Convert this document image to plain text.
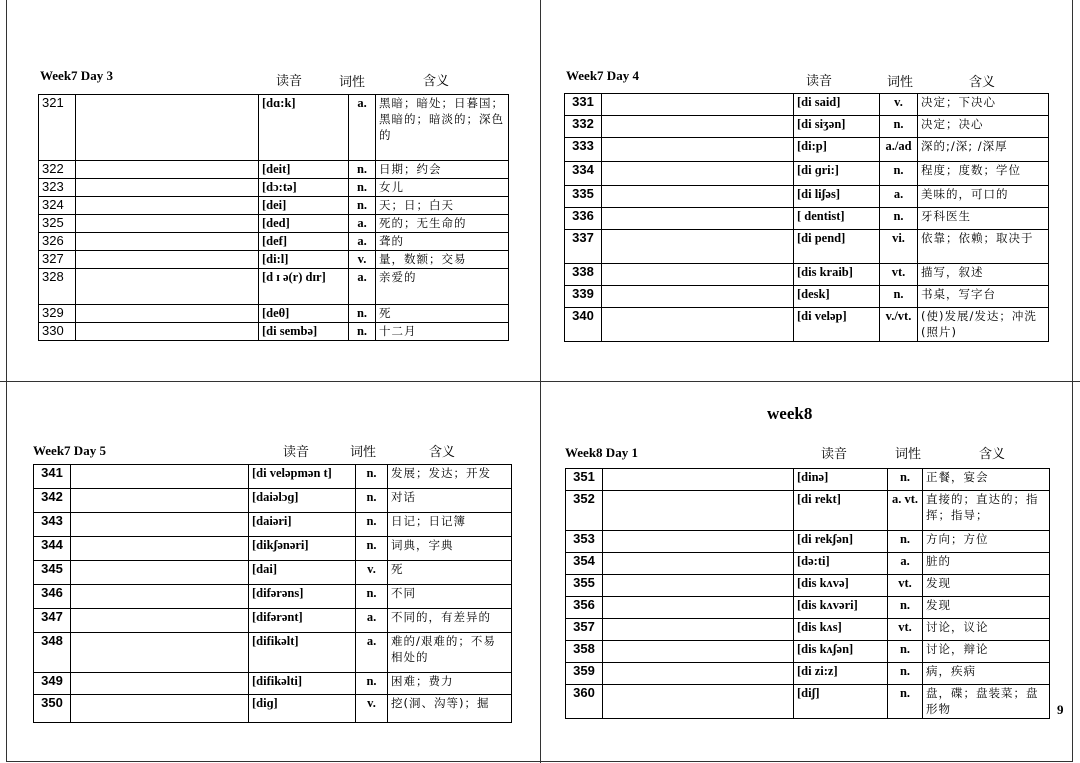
Week7 Day 3	读音	词性	含义
321		[dɑ:k]	a.	黑暗；暗处；日暮国；黑暗的；暗淡的；深色的
322		[deit]	n.	日期；约会
323		[dɔ:tə]	n.	女儿
324		[dei]	n.	天；日；白天
325		[ded]	a.	死的；无生命的
326		[def]	a.	聋的
327		[di:l]	v.	量，数额；交易
328		[d ɪ ə(r) dɪr]	a.	亲爱的
329		[deθ]	n.	死
330		[di sembə]	n.	十二月
Week7 Day 4	读音	词性	含义
331		[di said]	v.	决定；下决心
332		[di siʒən]	n.	决定；决心
333		[di:p]	a./ad	深的;/深; /深厚
334		[di ɡri:]	n.	程度；度数；学位
335		[di liʃəs]	a.	美味的，可口的
336		[ dentist]	n.	牙科医生
337		[di pend]	vi.	依靠；依赖；取决于
338		[dis kraib]	vt.	描写，叙述
339		[desk]	n.	书桌，写字台
340		[di veləp]	v./vt.	(使)发展/发达；冲洗(照片)
Week7 Day 5	读音	词性	含义
341		[di veləpmən t]	n.	发展；发达；开发
342		[daiəlɔɡ]	n.	对话
343		[daiəri]	n.	日记；日记簿
344		[dikʃənəri]	n.	词典，字典
345		[dai]	v.	死
346		[difərəns]	n.	不同
347		[difərənt]	a.	不同的，有差异的
348		[difikəlt]	a.	难的/艰难的；不易相处的
349		[difikəlti]	n.	困难；费力
350		[diɡ]	v.	挖(洞、沟等)；掘
week8
Week8 Day 1	读音	词性	含义
351		[dinə]	n.	正餐，宴会
352		[di rekt]	a. vt.	直接的；直达的；指挥；指导；
353		[di rekʃən]	n.	方向；方位
354		[də:ti]	a.	脏的
355		[dis kʌvə]	vt.	发现
356		[dis kʌvəri]	n.	发现
357		[dis kʌs]	vt.	讨论，议论
358		[dis kʌʃən]	n.	讨论，辩论
359		[di zi:z]	n.	病，疾病
360		[diʃ]	n.	盘，碟；盘装菜；盘形物	9
